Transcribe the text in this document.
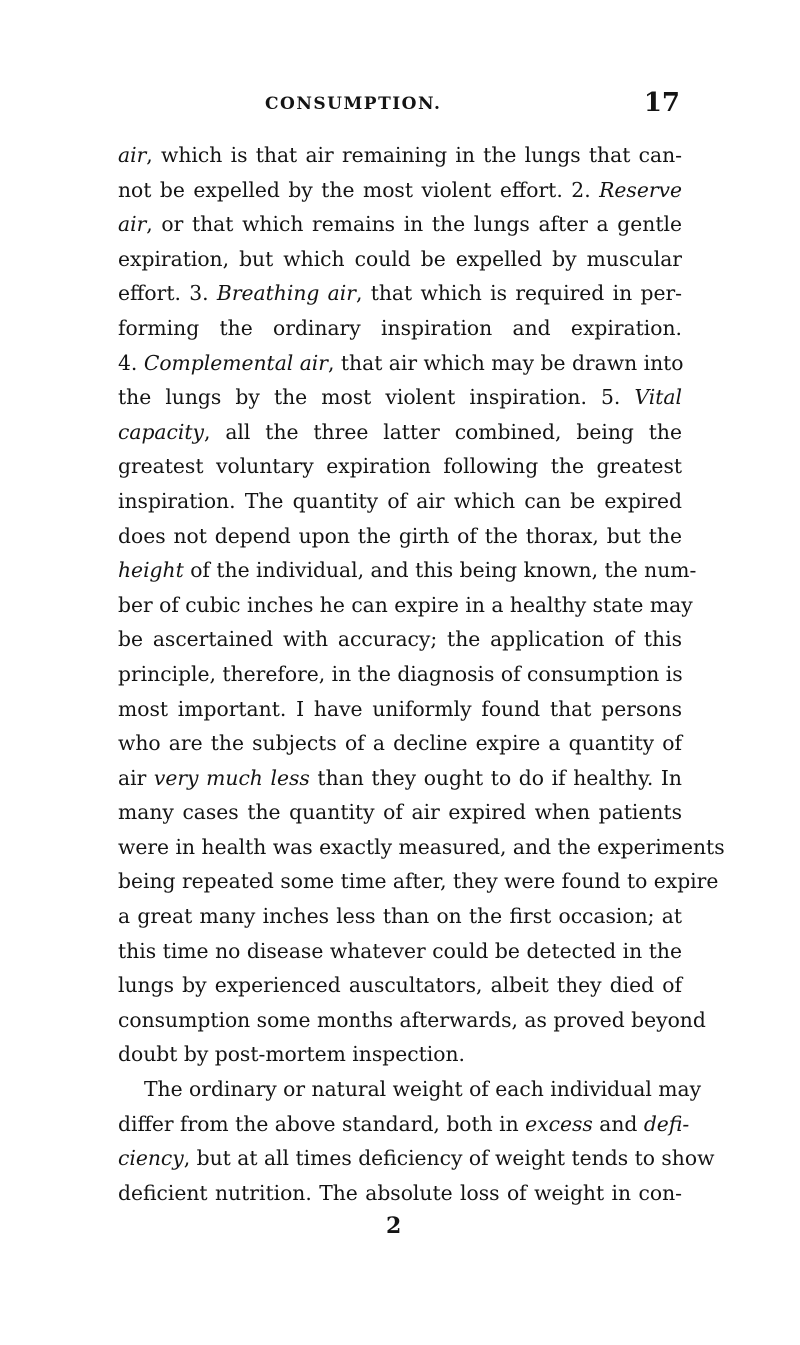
CONSUMPTION.	17
air, which is that air remaining in the lungs that can-
not be expelled by the most violent effort. 2. Reserve
air, or that which remains in the lungs after a gentle
expiration, but which could be expelled by muscular
effort. 3. Breathing air, that which is required in per-
forming the ordinary inspiration and expiration.
4. Complemental air, that air which may be drawn into
the lungs by the most violent inspiration. 5. Vital
capacity, all the three latter combined, being the
greatest voluntary expiration following the greatest
inspiration. The quantity of air which can be expired
does not depend upon the girth of the thorax, but the
height of the individual, and this being known, the num-
ber of cubic inches he can expire in a healthy state may
be ascertained with accuracy; the application of this
principle, therefore, in the diagnosis of consumption is
most important. I have uniformly found that persons
who are the subjects of a decline expire a quantity of
air very much less than they ought to do if healthy. In
many cases the quantity of air expired when patients
were in health was exactly measured, and the experiments
being repeated some time after, they were found to expire
a great many inches less than on the first occasion; at
this time no disease whatever could be detected in the
lungs by experienced auscultators, albeit they died of
consumption some months afterwards, as proved beyond
doubt by post-mortem inspection.
The ordinary or natural weight of each individual may
differ from the above standard, both in excess and defi-
ciency, but at all times deficiency of weight tends to show
deficient nutrition. The absolute loss of weight in con-
2
